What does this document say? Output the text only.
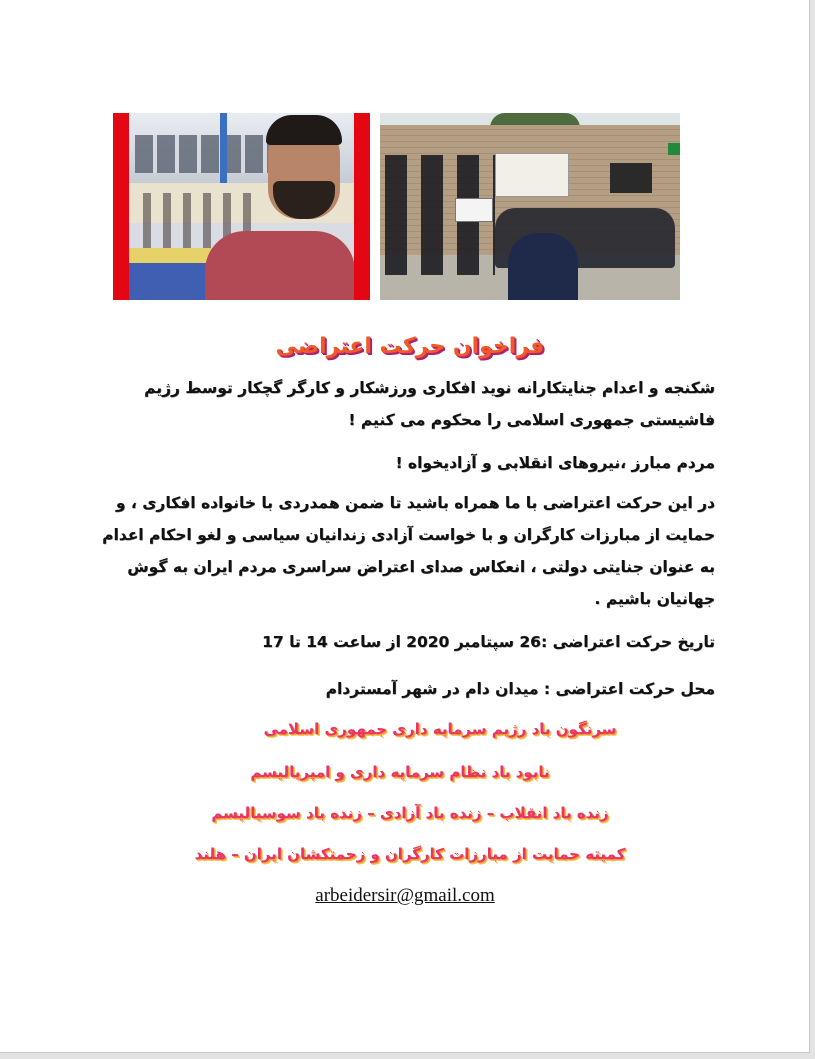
فراخوان حرکت اعتراضی
شکنجه و اعدام جنایتکارانه نوید افکاری ورزشکار و کارگر گچکار توسط رژیم فاشیستی جمهوری اسلامی را محکوم می کنیم !
مردم مبارز ،نیروهای انقلابی و آزادیخواه !
در این حرکت اعتراضی با ما همراه باشید تا ضمن همدردی با خانواده افکاری ، و حمایت از مبارزات کارگران و با خواست آزادی زندانیان سیاسی و لغو احکام اعدام به عنوان جنایتی دولتی ، انعکاس صدای اعتراض سراسری مردم ایران به گوش جهانیان باشیم .
تاریخ حرکت اعتراضی :26 سپتامبر 2020 از ساعت 14 تا 17
محل حرکت اعتراضی : میدان دام در شهر آمستردام
سرنگون باد رژیم سرمایه داری جمهوری اسلامی
نابود باد نظام سرمایه داری و امپریالیسم
زنده باد انقلاب – زنده باد آزادی – زنده باد سوسیالیسم
کمیته حمایت از مبارزات کارگران و زحمتکشان ایران – هلند
arbeidersir@gmail.com
